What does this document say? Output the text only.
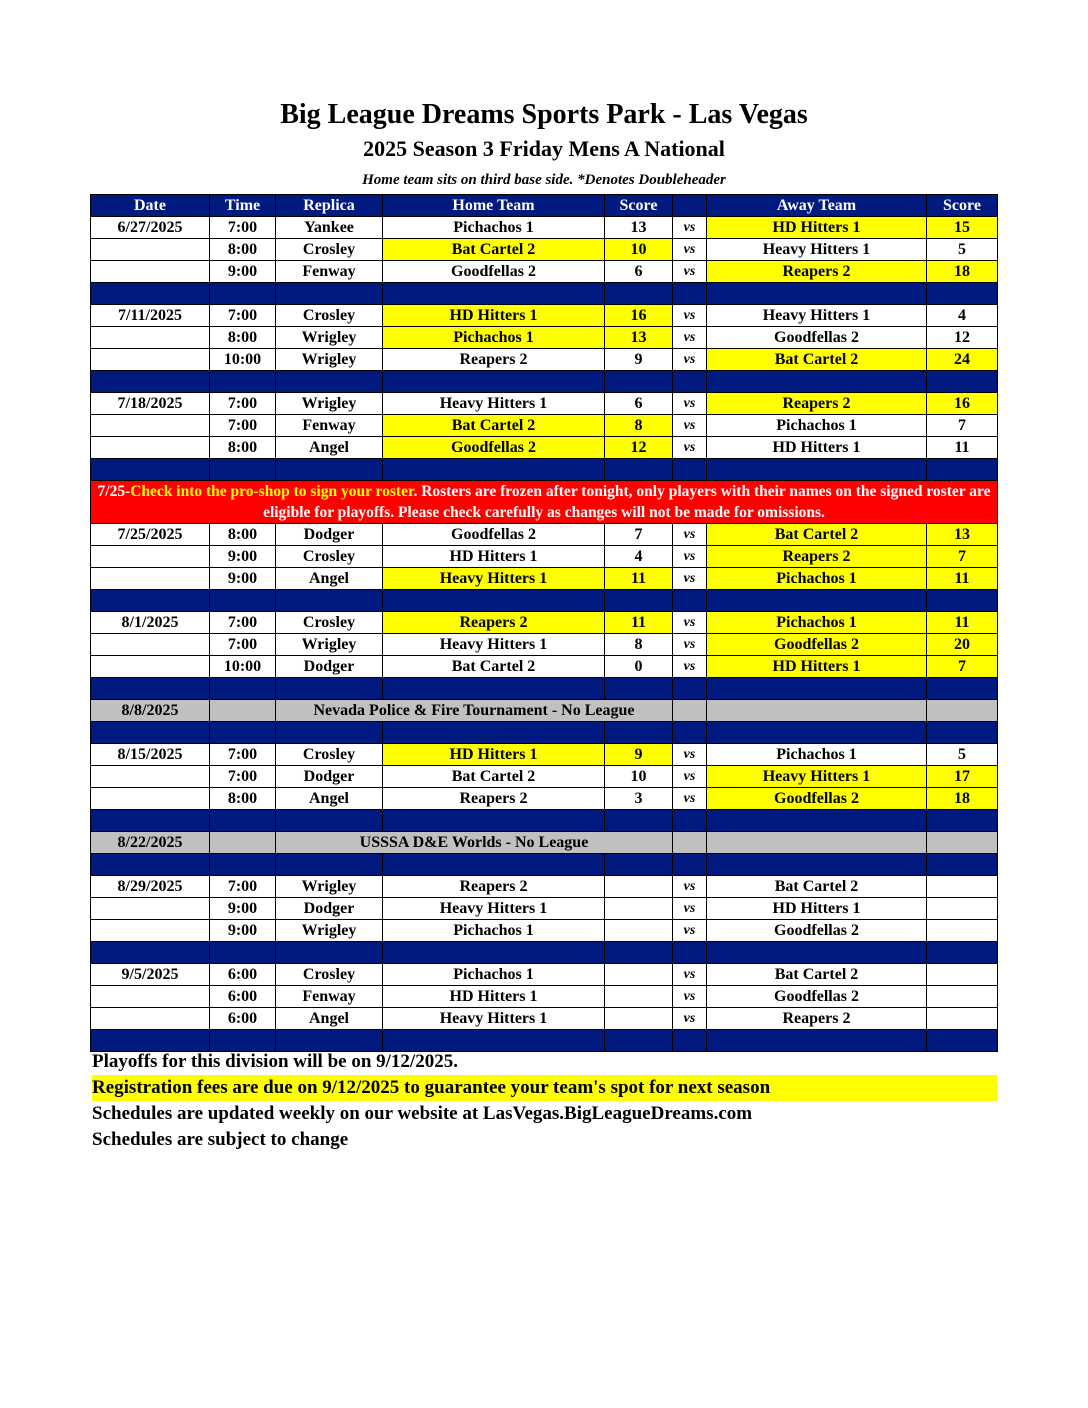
Big League Dreams Sports Park - Las Vegas
2025 Season 3 Friday Mens A National
Home team sits on third base side. *Denotes Doubleheader
Date	Time	Replica	Home Team	Score		Away Team	Score
6/27/2025	7:00	Yankee	Pichachos 1	13	vs	HD Hitters 1	15
	8:00	Crosley	Bat Cartel 2	10	vs	Heavy Hitters 1	5
	9:00	Fenway	Goodfellas 2	6	vs	Reapers 2	18

7/11/2025	7:00	Crosley	HD Hitters 1	16	vs	Heavy Hitters 1	4
	8:00	Wrigley	Pichachos 1	13	vs	Goodfellas 2	12
	10:00	Wrigley	Reapers 2	9	vs	Bat Cartel 2	24

7/18/2025	7:00	Wrigley	Heavy Hitters 1	6	vs	Reapers 2	16
	7:00	Fenway	Bat Cartel 2	8	vs	Pichachos 1	7
	8:00	Angel	Goodfellas 2	12	vs	HD Hitters 1	11

7/25-Check into the pro-shop to sign your roster. Rosters are frozen after tonight, only players with their names on the signed roster are eligible for playoffs. Please check carefully as changes will not be made for omissions.							
7/25/2025	8:00	Dodger	Goodfellas 2	7	vs	Bat Cartel 2	13
	9:00	Crosley	HD Hitters 1	4	vs	Reapers 2	7
	9:00	Angel	Heavy Hitters 1	11	vs	Pichachos 1	11

8/1/2025	7:00	Crosley	Reapers 2	11	vs	Pichachos 1	11
	7:00	Wrigley	Heavy Hitters 1	8	vs	Goodfellas 2	20
	10:00	Dodger	Bat Cartel 2	0	vs	HD Hitters 1	7

8/8/2025		Nevada Police & Fire Tournament - No League					

8/15/2025	7:00	Crosley	HD Hitters 1	9	vs	Pichachos 1	5
	7:00	Dodger	Bat Cartel 2	10	vs	Heavy Hitters 1	17
	8:00	Angel	Reapers 2	3	vs	Goodfellas 2	18

8/22/2025		USSSA D&E Worlds - No League					

8/29/2025	7:00	Wrigley	Reapers 2		vs	Bat Cartel 2	
	9:00	Dodger	Heavy Hitters 1		vs	HD Hitters 1	
	9:00	Wrigley	Pichachos 1		vs	Goodfellas 2	

9/5/2025	6:00	Crosley	Pichachos 1		vs	Bat Cartel 2	
	6:00	Fenway	HD Hitters 1		vs	Goodfellas 2	
	6:00	Angel	Heavy Hitters 1		vs	Reapers 2	

Playoffs for this division will be on 9/12/2025.
Registration fees are due on 9/12/2025 to guarantee your team's spot for next season
Schedules are updated weekly on our website at LasVegas.BigLeagueDreams.com
Schedules are subject to change
